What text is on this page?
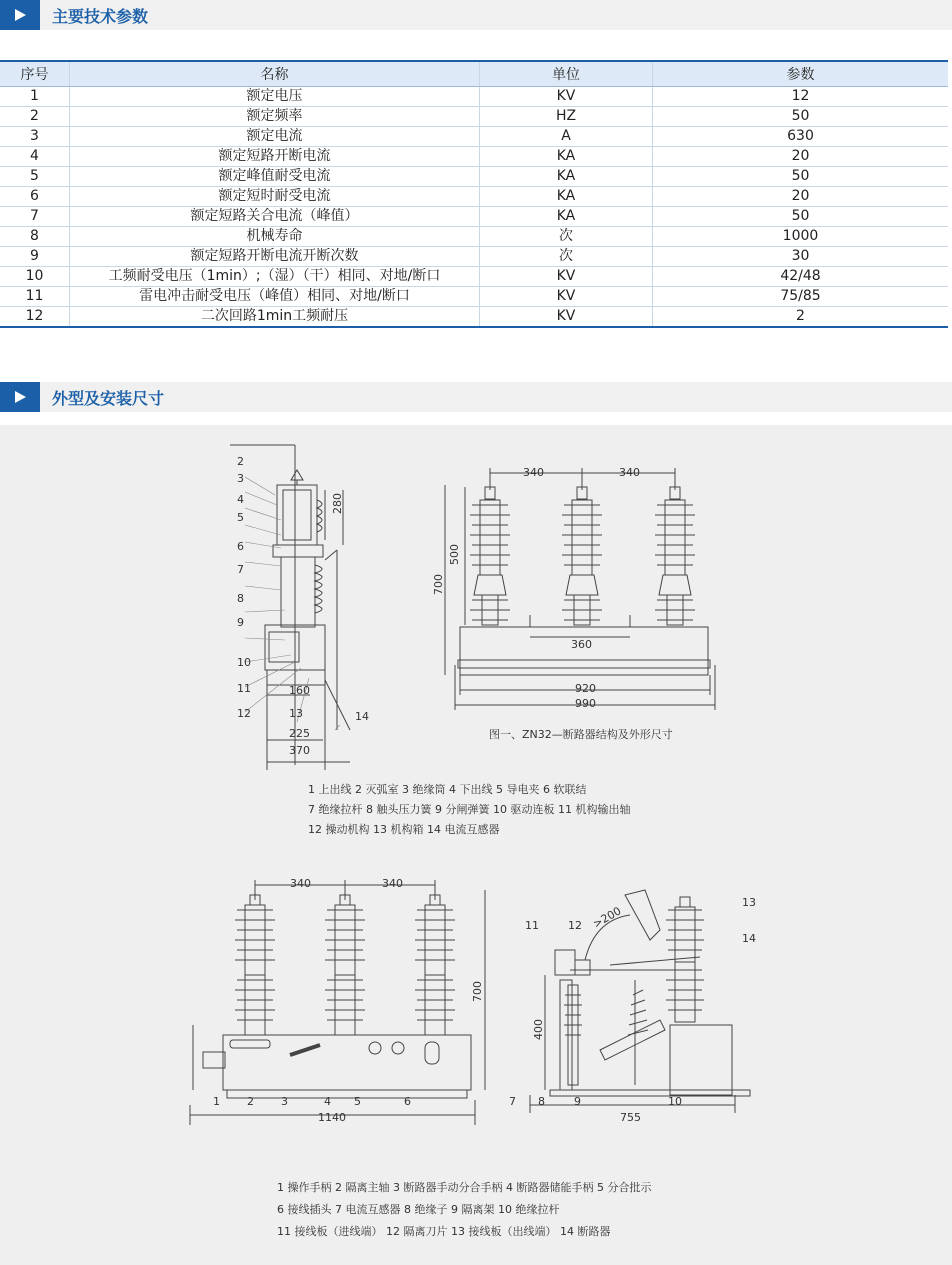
主要技术参数
序号	名称	单位	参数
1	额定电压	KV	12
2	额定频率	HZ	50
3	额定电流	A	630
4	额定短路开断电流	KA	20
5	额定峰值耐受电流	KA	50
6	额定短时耐受电流	KA	20
7	额定短路关合电流（峰值）	KA	50
8	机械寿命	次	1000
9	额定短路开断电流开断次数	次	30
10	工频耐受电压（1min）;（湿）（干）相同、对地/断口	KV	42/48
11	雷电冲击耐受电压（峰值）相同、对地/断口	KV	75/85
12	二次回路1min工频耐压	KV	2
外型及安装尺寸
2
3
4
5
6
7
8
9
10
11
12	13	14
280
160
225
370
340	340
500
700
360
920
990
图一、ZN32—断路器结构及外形尺寸
1 上出线 2 灭弧室 3 绝缘筒 4 下出线 5 导电夹 6 软联结
7 绝缘拉杆 8 触头压力簧 9 分闸弹簧 10 驱动连板 11 机构输出轴
12 操动机构 13 机构箱 14 电流互感器
340	340
700
1140
1 2 3	4 5	6
>200
400
755
7 8	9	10
11	12
13
14
1 操作手柄 2 隔离主轴 3 断路器手动分合手柄 4 断路器储能手柄 5 分合批示
6 接线插头 7 电流互感器 8 绝缘子 9 隔离架 10 绝缘拉杆
11 接线板（进线端） 12 隔离刀片 13 接线板（出线端） 14 断路器
